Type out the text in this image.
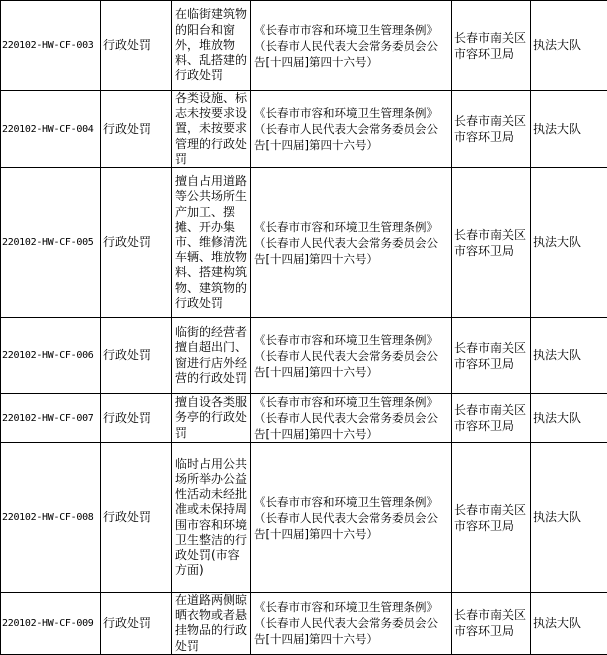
220102-HW-CF-003	行政处罚	在临街建筑物的阳台和窗外，堆放物料、乱搭建的行政处罚	《长春市市容和环境卫生管理条例》（长春市人民代表大会常务委员会公告[十四届]第四十六号）	长春市南关区市容环卫局	执法大队
220102-HW-CF-004	行政处罚	各类设施、标志未按要求设置，未按要求管理的行政处罚	《长春市市容和环境卫生管理条例》（长春市人民代表大会常务委员会公告[十四届]第四十六号）	长春市南关区市容环卫局	执法大队
220102-HW-CF-005	行政处罚	擅自占用道路等公共场所生产加工、摆摊、开办集市、维修清洗车辆、堆放物料、搭建构筑物、建筑物的行政处罚	《长春市市容和环境卫生管理条例》（长春市人民代表大会常务委员会公告[十四届]第四十六号）	长春市南关区市容环卫局	执法大队
220102-HW-CF-006	行政处罚	临街的经营者擅自超出门、窗进行店外经营的行政处罚	《长春市市容和环境卫生管理条例》（长春市人民代表大会常务委员会公告[十四届]第四十六号）	长春市南关区市容环卫局	执法大队
220102-HW-CF-007	行政处罚	擅自设各类服务亭的行政处罚	《长春市市容和环境卫生管理条例》（长春市人民代表大会常务委员会公告[十四届]第四十六号）	长春市南关区市容环卫局	执法大队
220102-HW-CF-008	行政处罚	临时占用公共场所举办公益性活动未经批准或未保持周围市容和环境卫生整洁的行政处罚(市容方面)	《长春市市容和环境卫生管理条例》（长春市人民代表大会常务委员会公告[十四届]第四十六号）	长春市南关区市容环卫局	执法大队
220102-HW-CF-009	行政处罚	在道路两侧晾晒衣物或者悬挂物品的行政处罚	《长春市市容和环境卫生管理条例》（长春市人民代表大会常务委员会公告[十四届]第四十六号）	长春市南关区市容环卫局	执法大队
